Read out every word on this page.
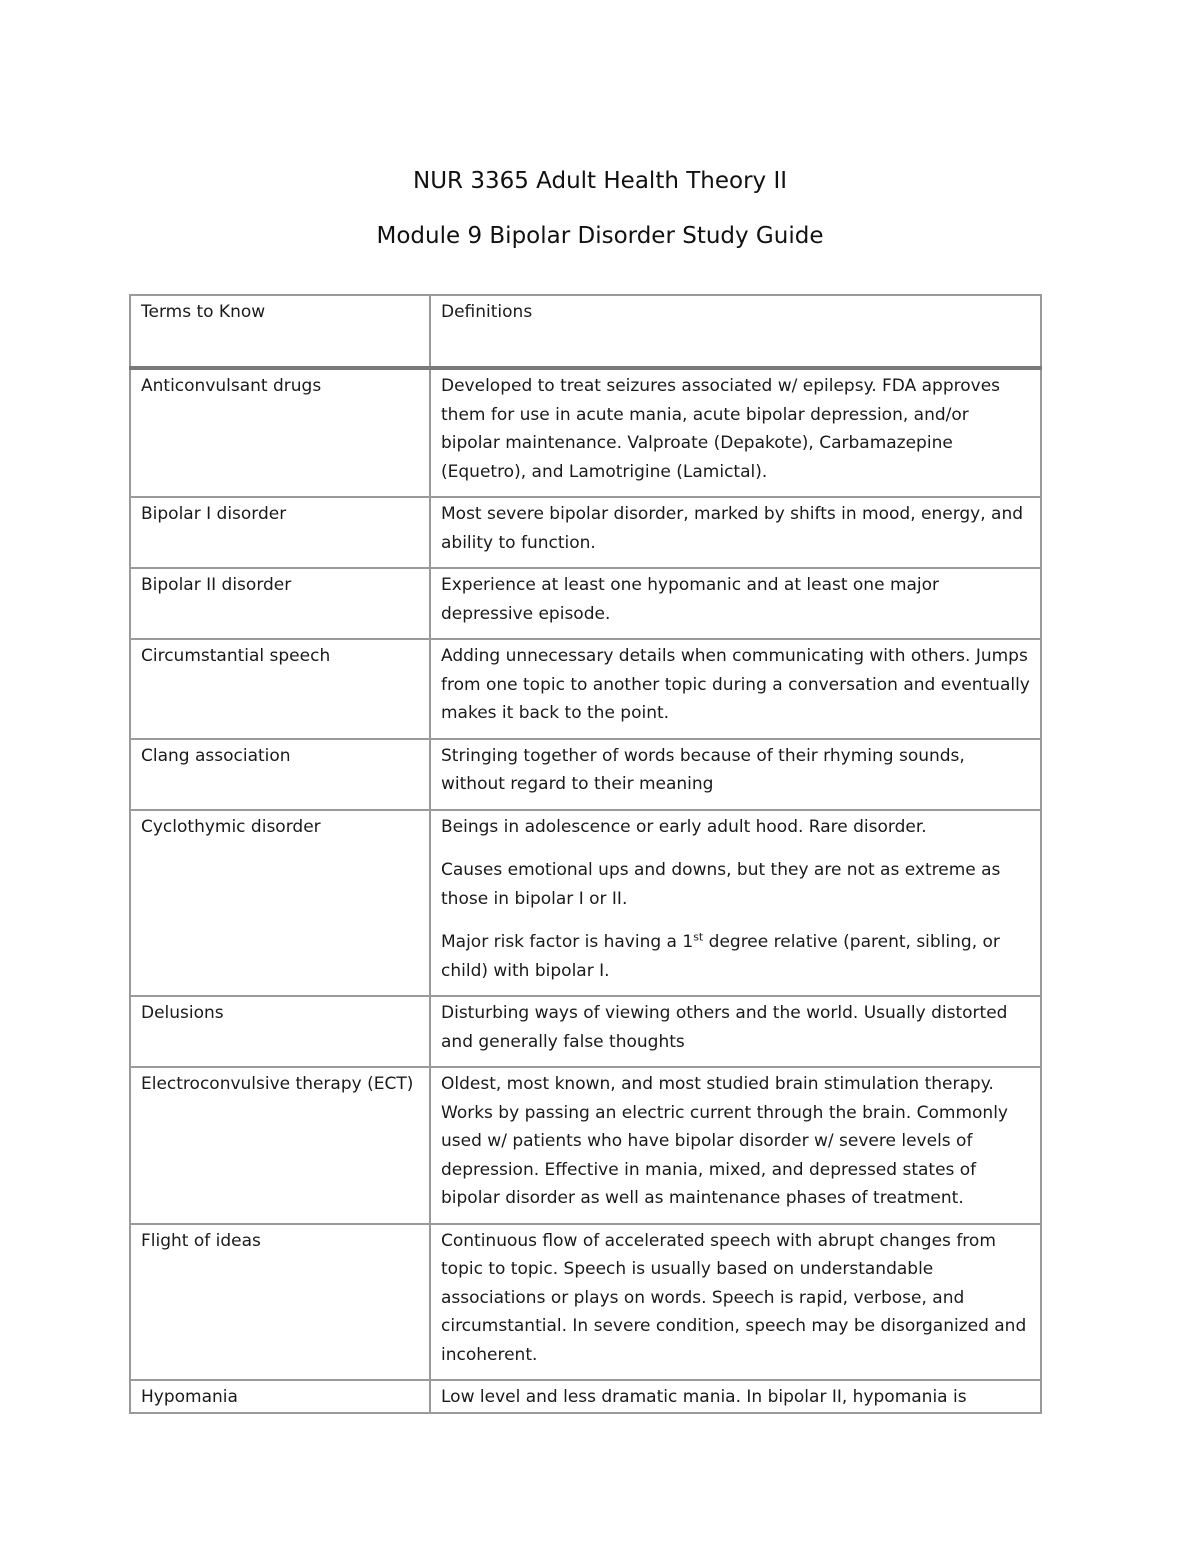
NUR 3365 Adult Health Theory II
Module 9 Bipolar Disorder Study Guide
Terms to Know	Definitions

Anticonvulsant drugs	Developed to treat seizures associated w/ epilepsy. FDA approves them for use in acute mania, acute bipolar depression, and/or bipolar maintenance. Valproate (Depakote), Carbamazepine (Equetro), and Lamotrigine (Lamictal).

Bipolar I disorder	Most severe bipolar disorder, marked by shifts in mood, energy, and ability to function.

Bipolar II disorder	Experience at least one hypomanic and at least one major depressive episode.

Circumstantial speech	Adding unnecessary details when communicating with others. Jumps from one topic to another topic during a conversation and eventually makes it back to the point.

Clang association	Stringing together of words because of their rhyming sounds, without regard to their meaning

Cyclothymic disorder	Beings in adolescence or early adult hood. Rare disorder.

Causes emotional ups and downs, but they are not as extreme as those in bipolar I or II.

Major risk factor is having a 1st degree relative (parent, sibling, or child) with bipolar I.

Delusions	Disturbing ways of viewing others and the world. Usually distorted and generally false thoughts

Electroconvulsive therapy (ECT)	Oldest, most known, and most studied brain stimulation therapy. Works by passing an electric current through the brain. Commonly used w/ patients who have bipolar disorder w/ severe levels of depression. Effective in mania, mixed, and depressed states of bipolar disorder as well as maintenance phases of treatment.

Flight of ideas	Continuous flow of accelerated speech with abrupt changes from topic to topic. Speech is usually based on understandable associations or plays on words. Speech is rapid, verbose, and circumstantial. In severe condition, speech may be disorganized and incoherent.

Hypomania	Low level and less dramatic mania. In bipolar II, hypomania is
